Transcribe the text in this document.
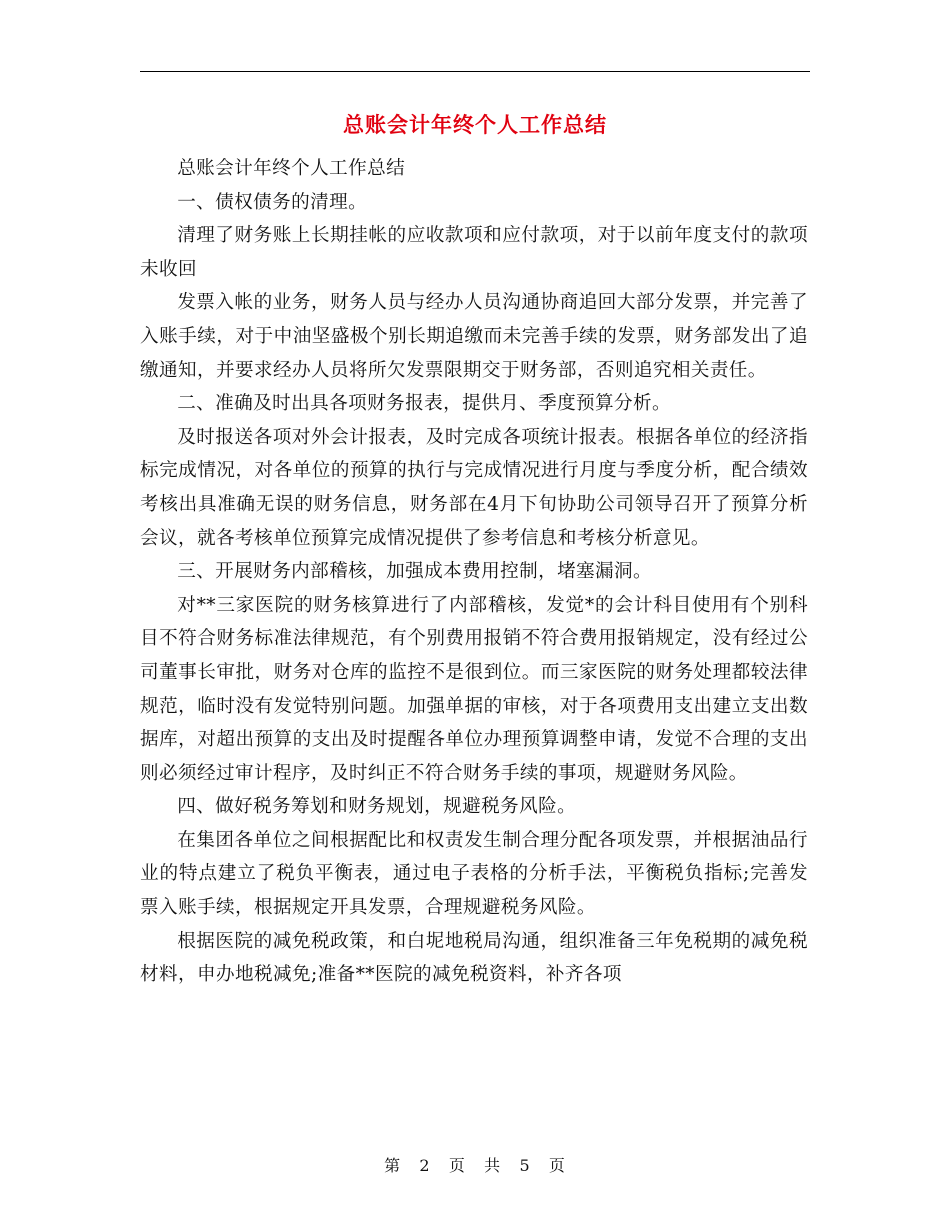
总账会计年终个人工作总结

总账会计年终个人工作总结

一、债权债务的清理。

清理了财务账上长期挂帐的应收款项和应付款项，对于以前年度支付的款项未收回

发票入帐的业务，财务人员与经办人员沟通协商追回大部分发票，并完善了入账手续，对于中油坚盛极个别长期追缴而未完善手续的发票，财务部发出了追缴通知，并要求经办人员将所欠发票限期交于财务部，否则追究相关责任。

二、准确及时出具各项财务报表，提供月、季度预算分析。

及时报送各项对外会计报表，及时完成各项统计报表。根据各单位的经济指标完成情况，对各单位的预算的执行与完成情况进行月度与季度分析，配合绩效考核出具准确无误的财务信息，财务部在4月下旬协助公司领导召开了预算分析会议，就各考核单位预算完成情况提供了参考信息和考核分析意见。

三、开展财务内部稽核，加强成本费用控制，堵塞漏洞。

对**三家医院的财务核算进行了内部稽核，发觉*的会计科目使用有个别科目不符合财务标准法律规范，有个别费用报销不符合费用报销规定，没有经过公司董事长审批，财务对仓库的监控不是很到位。而三家医院的财务处理都较法律规范，临时没有发觉特别问题。加强单据的审核，对于各项费用支出建立支出数据库，对超出预算的支出及时提醒各单位办理预算调整申请，发觉不合理的支出则必须经过审计程序，及时纠正不符合财务手续的事项，规避财务风险。

四、做好税务筹划和财务规划，规避税务风险。

在集团各单位之间根据配比和权责发生制合理分配各项发票，并根据油品行业的特点建立了税负平衡表，通过电子表格的分析手法，平衡税负指标;完善发票入账手续，根据规定开具发票，合理规避税务风险。

根据医院的减免税政策，和白坭地税局沟通，组织准备三年免税期的减免税材料，申办地税减免;准备**医院的减免税资料，补齐各项

第 2 页 共 5 页
